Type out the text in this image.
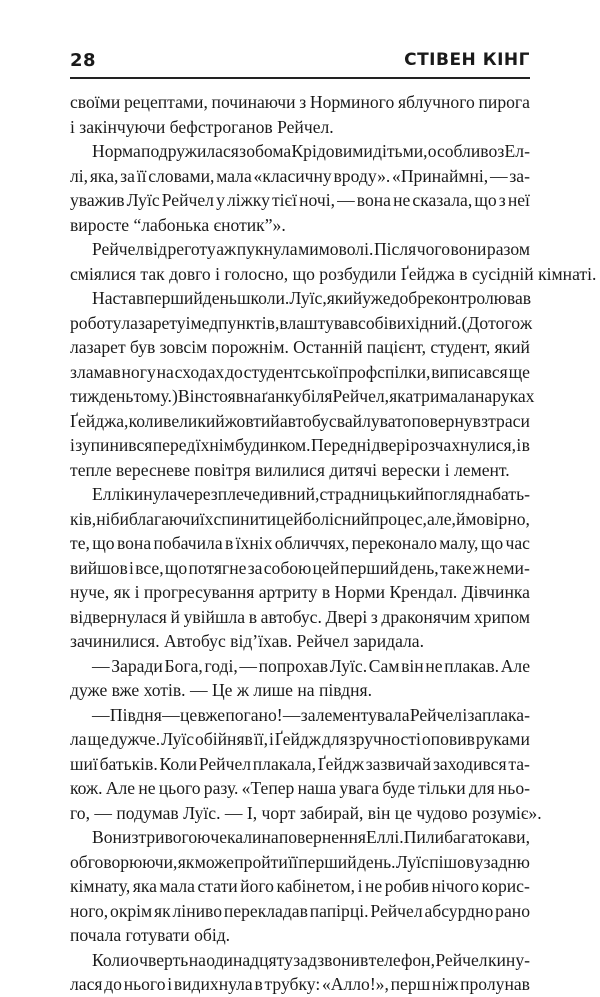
28	СТІВЕН КІНГ
своїми рецептами, починаючи з Норминого яблучного пирога
і закінчуючи бефстроганов Рейчел.
Норма подружилася з обома Крідовими дітьми, особливо з Ел-
лі, яка, за її словами, мала «класичну вроду». «Принаймні, — за-
уважив Луїс Рейчел у ліжку тієї ночі, — вона не сказала, що з неї
виросте “лабонька єнотик”».
Рейчел від реготу аж пукнула мимоволі. Після чого вони разом
сміялися так довго і голосно, що розбудили Ґейджа в сусідній кімнаті.
Настав перший день школи. Луїс, який уже добре контролював
роботу лазарету і медпунктів, влаштував собі вихідний. (До того ж
лазарет був зовсім порожнім. Останній пацієнт, студент, який
зламав ногу на сходах до студентської профспілки, виписався ще
тиждень тому.) Він стояв на ґанку біля Рейчел, яка тримала на руках
Ґейджа, коли великий жовтий автобус вайлувато повернув з траси
і зупинився перед їхнім будинком. Передні двері розчахнулися, і в
тепле вересневе повітря вилилися дитячі верески і лемент.
Еллі кинула через плече дивний, страдницький погляд на бать-
ків, ніби благаючи їх спинити цей болісний процес, але, ймовірно,
те, що вона побачила в їхніх обличчях, переконало малу, що час
вийшов і все, що потягне за собою цей перший день, таке ж неми-
нуче, як і прогресування артриту в Норми Крендал. Дівчинка
відвернулася й увійшла в автобус. Двері з драконячим хрипом
зачинилися. Автобус від’їхав. Рейчел заридала.
— Заради Бога, годі, — попрохав Луїс. Сам він не плакав. Але
дуже вже хотів. — Це ж лише на півдня.
— Півдня — це вже погано! — залементувала Рейчел і заплака-
ла ще дужче. Луїс обійняв її, і Ґейдж для зручності оповив руками
шиї батьків. Коли Рейчел плакала, Ґейдж зазвичай заходився та-
кож. Але не цього разу. «Тепер наша увага буде тільки для ньо-
го, — подумав Луїс. — І, чорт забирай, він це чудово розуміє».
Вони з тривогою чекали на повернення Еллі. Пили багато кави,
обговорюючи, як може пройти її перший день. Луїс пішов у задню
кімнату, яка мала стати його кабінетом, і не робив нічого корис-
ного, окрім як ліниво перекладав папірці. Рейчел абсурдно рано
почала готувати обід.
Коли о чверть на одинадцяту задзвонив телефон, Рейчел кину-
лася до нього і видихнула в трубку: «Алло!», перш ніж пролунав
